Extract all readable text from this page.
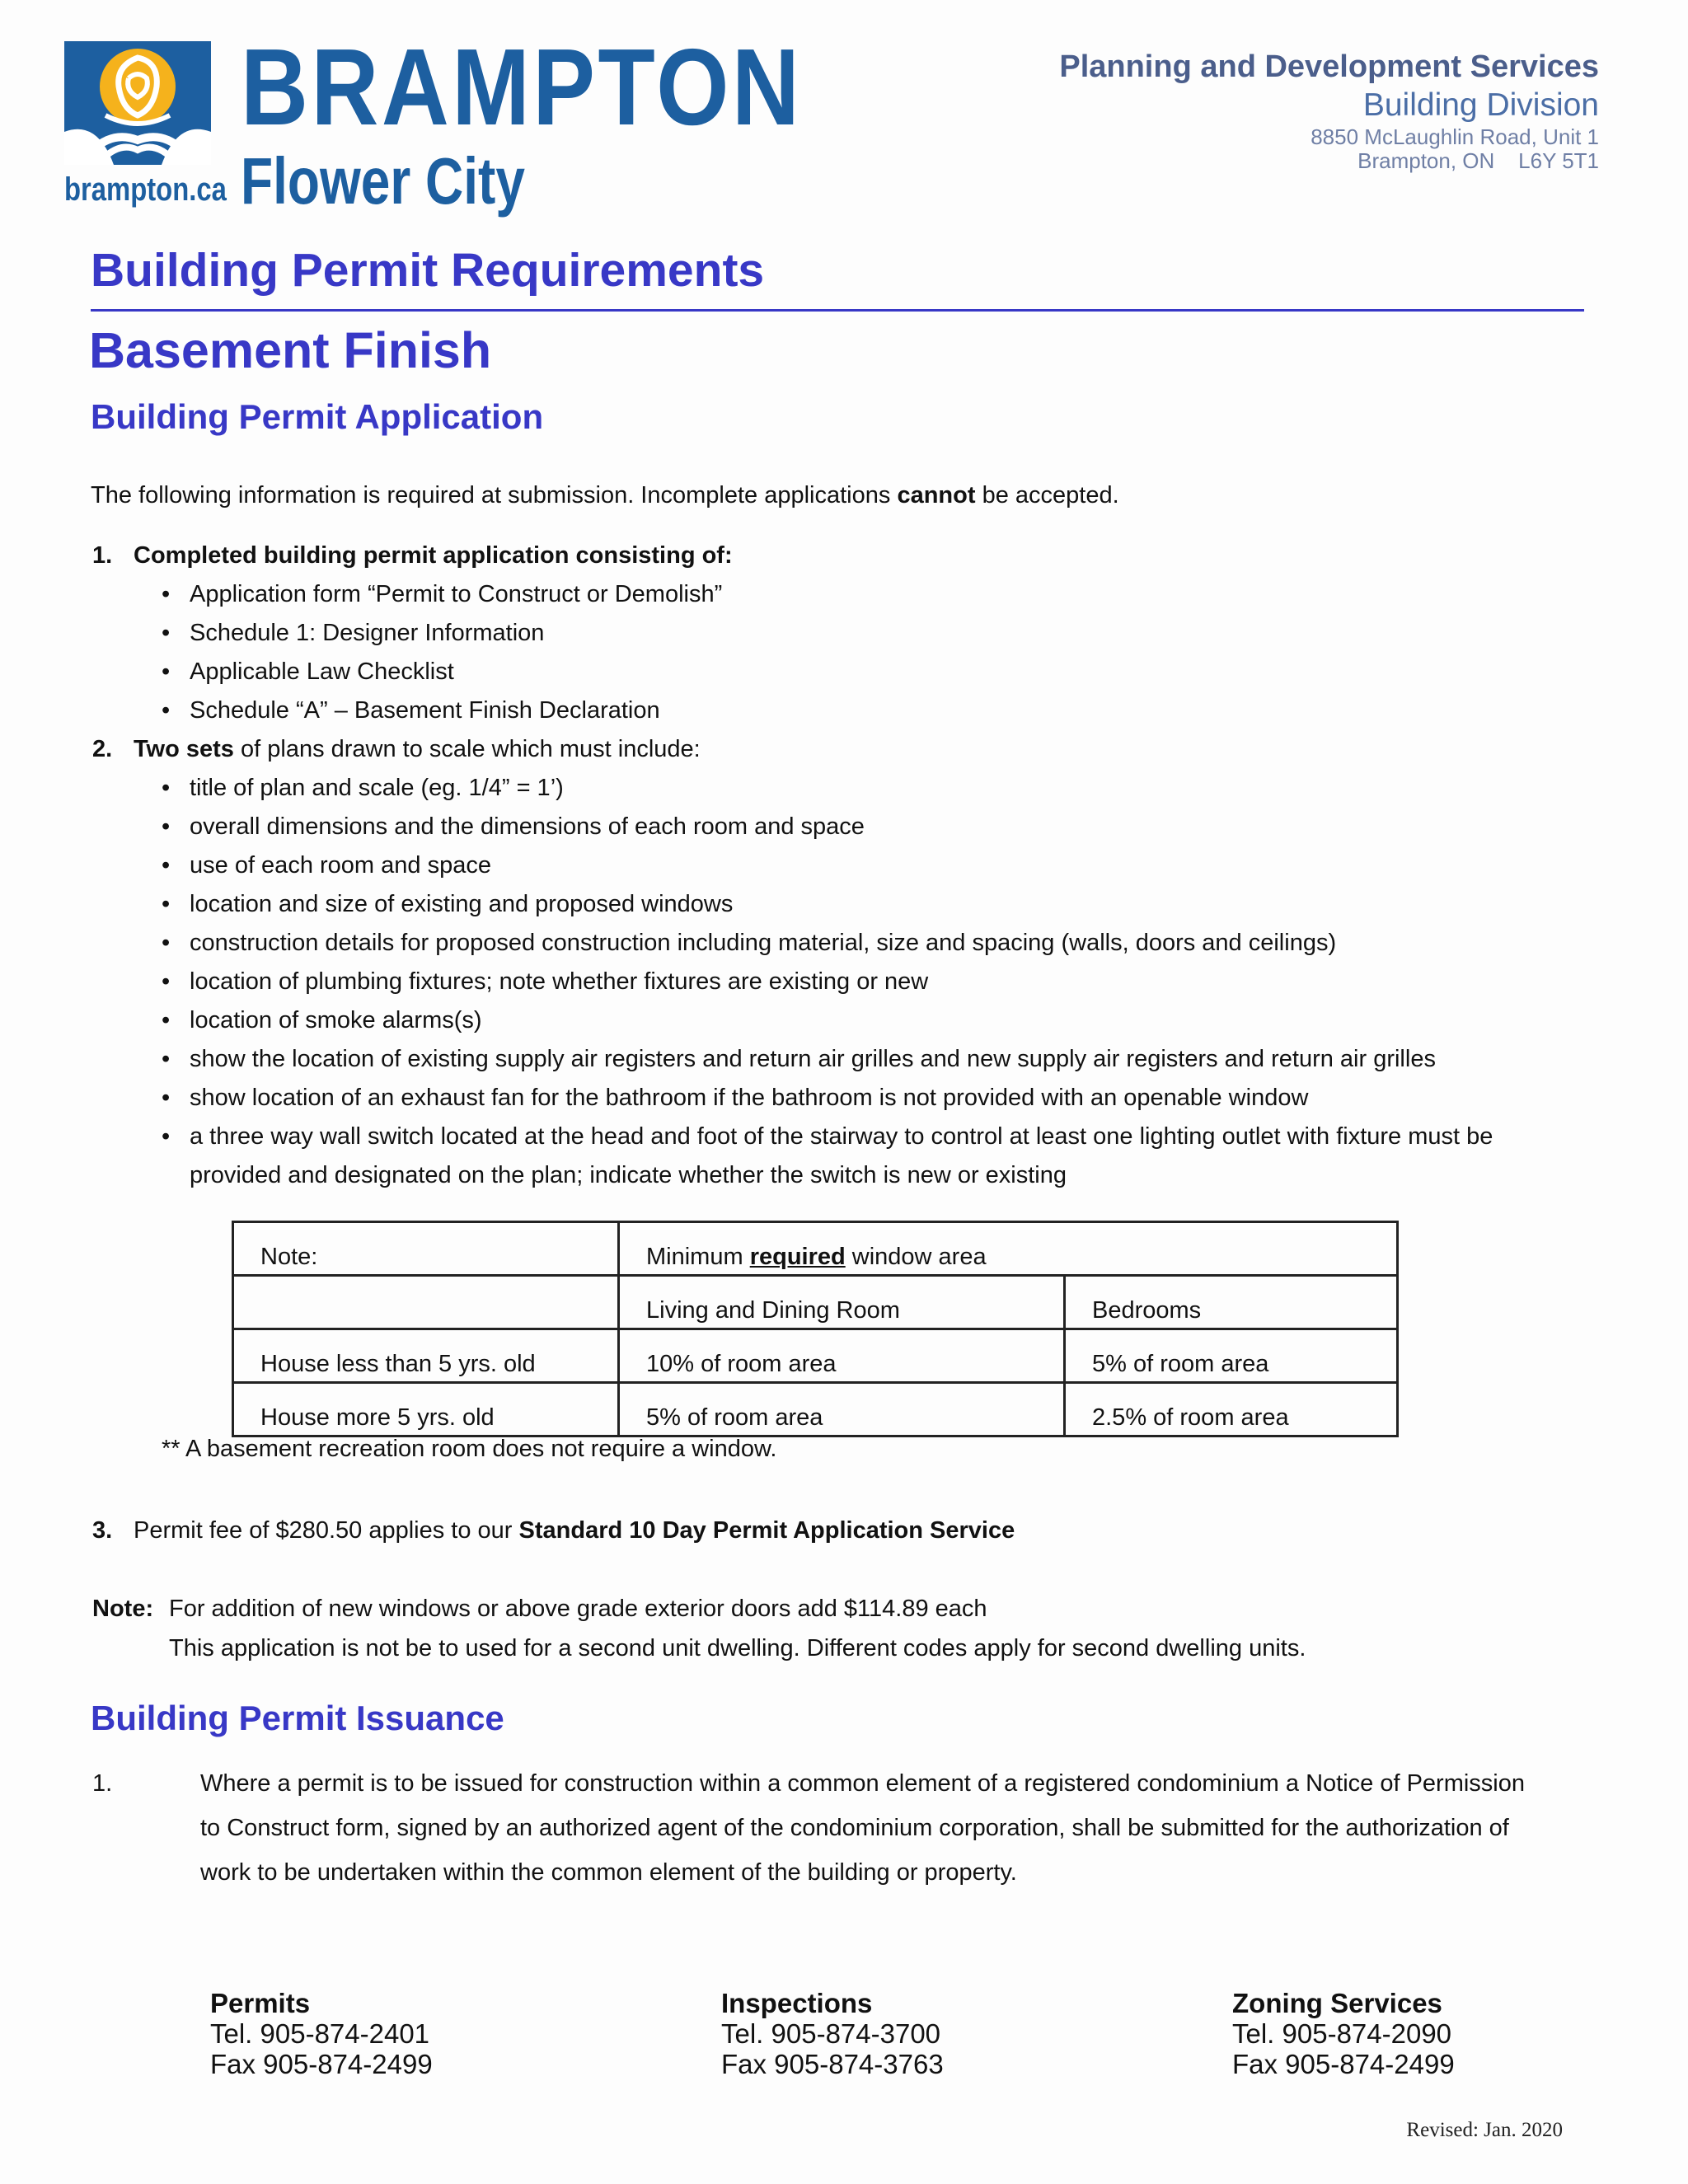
BRAMPTON
Flower City
brampton.ca
Planning and Development Services
Building Division
8850 McLaughlin Road, Unit 1
Brampton, ON    L6Y 5T1
Building Permit Requirements
Basement Finish
Building Permit Application
The following information is required at submission. Incomplete applications cannot be accepted.
1. Completed building permit application consisting of:
• Application form “Permit to Construct or Demolish”
• Schedule 1: Designer Information
• Applicable Law Checklist
• Schedule “A” – Basement Finish Declaration
2. Two sets of plans drawn to scale which must include:
• title of plan and scale (eg. 1/4” = 1’)
• overall dimensions and the dimensions of each room and space
• use of each room and space
• location and size of existing and proposed windows
• construction details for proposed construction including material, size and spacing (walls, doors and ceilings)
• location of plumbing fixtures; note whether fixtures are existing or new
• location of smoke alarms(s)
• show the location of existing supply air registers and return air grilles and new supply air registers and return air grilles
• show location of an exhaust fan for the bathroom if the bathroom is not provided with an openable window
• a three way wall switch located at the head and foot of the stairway to control at least one lighting outlet with fixture must be
provided and designated on the plan; indicate whether the switch is new or existing
Note:	Minimum required window area	
	Living and Dining Room	Bedrooms
House less than 5 yrs. old	10% of room area	5% of room area
House more 5 yrs. old	5% of room area	2.5% of room area
** A basement recreation room does not require a window.
3. Permit fee of $280.50 applies to our Standard 10 Day Permit Application Service
Note: For addition of new windows or above grade exterior doors add $114.89 each
This application is not be to used for a second unit dwelling. Different codes apply for second dwelling units.
Building Permit Issuance
1.	Where a permit is to be issued for construction within a common element of a registered condominium a Notice of Permission
to Construct form, signed by an authorized agent of the condominium corporation, shall be submitted for the authorization of
work to be undertaken within the common element of the building or property.
Permits
Tel. 905-874-2401
Fax 905-874-2499
Inspections
Tel. 905-874-3700
Fax 905-874-3763
Zoning Services
Tel. 905-874-2090
Fax 905-874-2499
Revised: Jan. 2020
